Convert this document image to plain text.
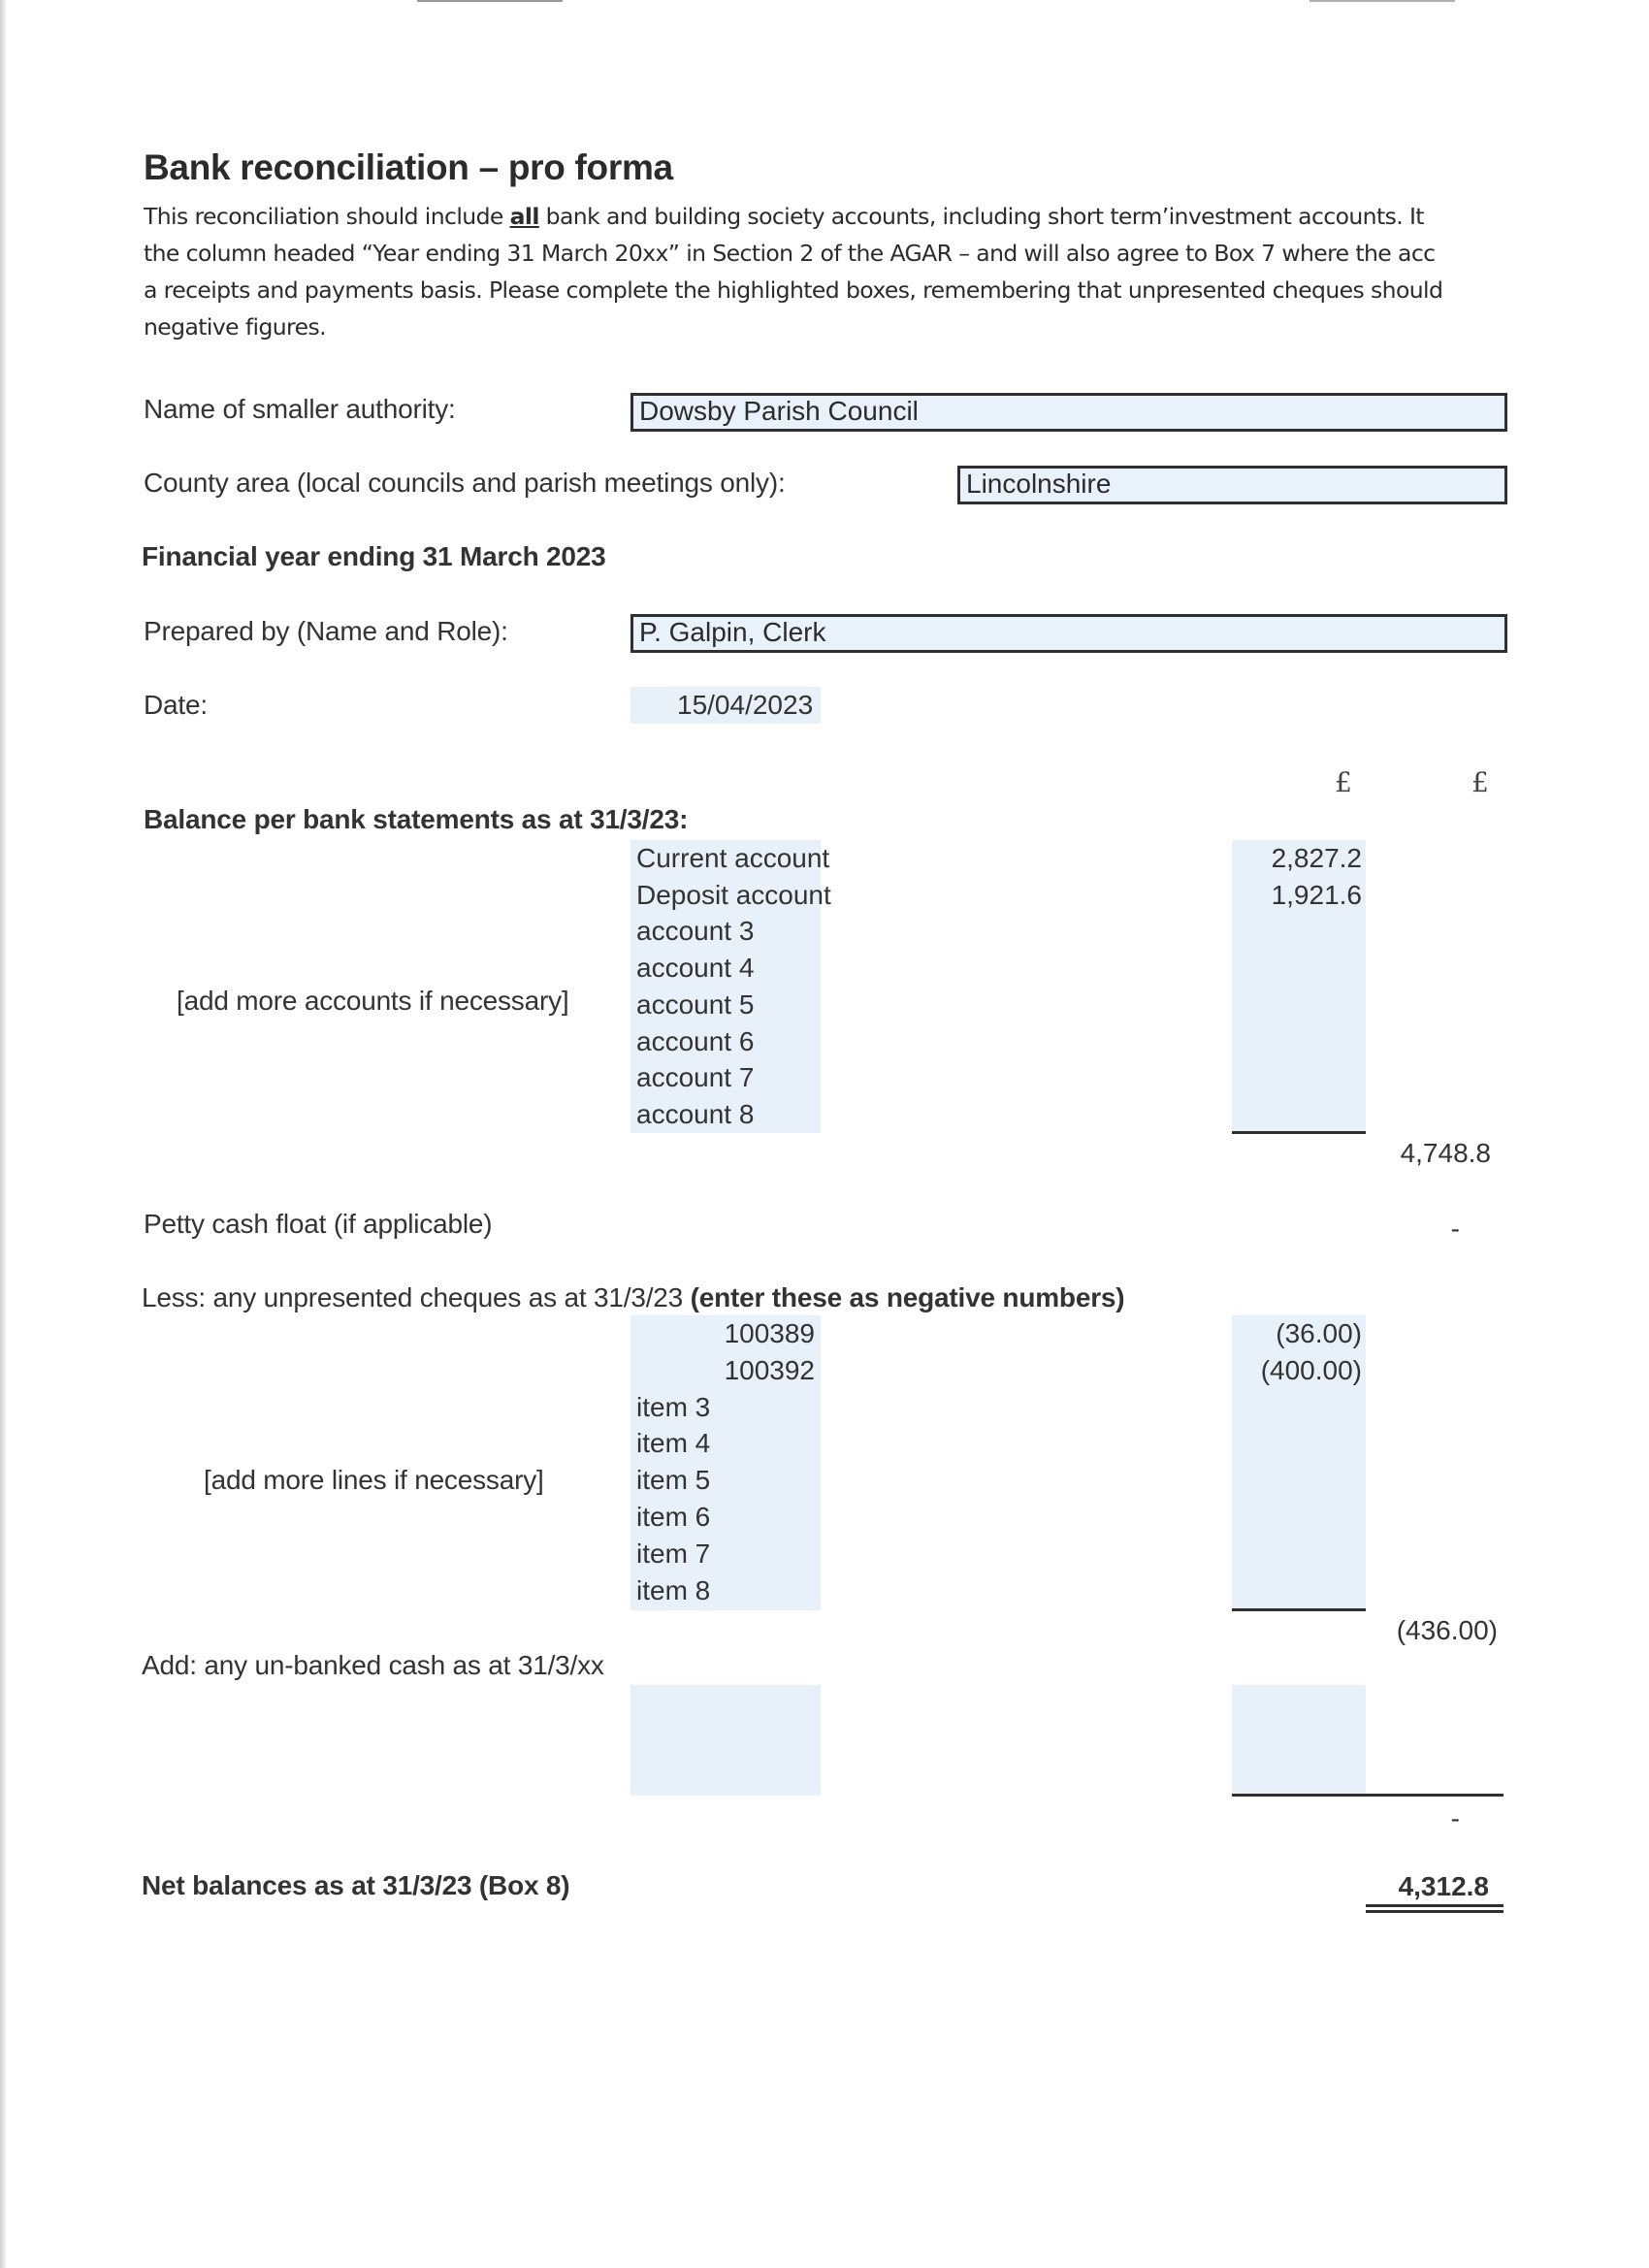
Bank reconciliation – pro forma
This reconciliation should include all bank and building society accounts, including short term’investment accounts. It
the column headed “Year ending 31 March 20xx” in Section 2 of the AGAR – and will also agree to Box 7 where the acc
a receipts and payments basis. Please complete the highlighted boxes, remembering that unpresented cheques should
negative figures.
Name of smaller authority:	Dowsby Parish Council
County area (local councils and parish meetings only):	Lincolnshire
Financial year ending 31 March 2023
Prepared by (Name and Role):	P. Galpin, Clerk
Date:	15/04/2023
£	£
Balance per bank statements as at 31/3/23:
Current account	2,827.2
Deposit account	1,921.6
account 3
account 4
account 5
account 6
account 7
account 8
[add more accounts if necessary]
4,748.8
Petty cash float (if applicable)	-
Less: any unpresented cheques as at 31/3/23 (enter these as negative numbers)
100389	(36.00)
100392	(400.00)
item 3
item 4
item 5
item 6
item 7
item 8
[add more lines if necessary]
(436.00)
Add: any un-banked cash as at 31/3/xx
-
Net balances as at 31/3/23 (Box 8)	4,312.8
